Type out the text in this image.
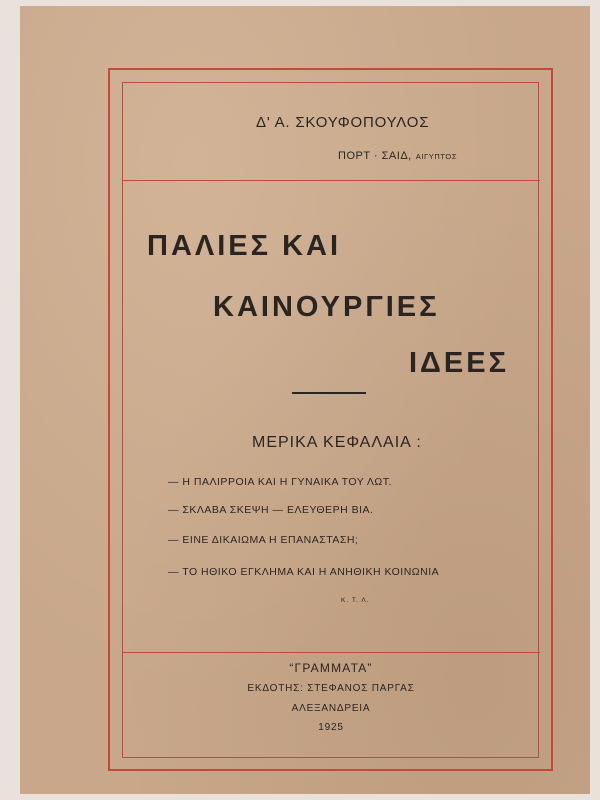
Δ' Α. ΣΚΟΥΦΟΠΟΥΛΟΣ
ΠΟΡΤ · ΣΑΙΔ, ΑΙΓΥΠΤΟΣ
ΠΑΛΙΕΣ ΚΑΙ
ΚΑΙΝΟΥΡΓΙΕΣ
ΙΔΕΕΣ
ΜΕΡΙΚΑ ΚΕΦΑΛΑΙΑ :
— Η ΠΑΛΙΡΡΟΙΑ ΚΑΙ Η ΓΥΝΑΙΚΑ ΤΟΥ ΛΩΤ.
— ΣΚΛΑΒΑ ΣΚΕΨΗ — ΕΛΕΥΘΕΡΗ ΒΙΑ.
— ΕΙΝΕ ΔΙΚΑΙΩΜΑ Η ΕΠΑΝΑΣΤΑΣΗ;
— ΤΟ ΗΘΙΚΟ ΕΓΚΛΗΜΑ ΚΑΙ Η ΑΝΗΘΙΚΗ ΚΟΙΝΩΝΙΑ
Κ. Τ. Λ.
“ΓΡΑΜΜΑΤΑ”
ΕΚΔΟΤΗΣ: ΣΤΕΦΑΝΟΣ ΠΑΡΓΑΣ
ΑΛΕΞΑΝΔΡΕΙΑ
1925
